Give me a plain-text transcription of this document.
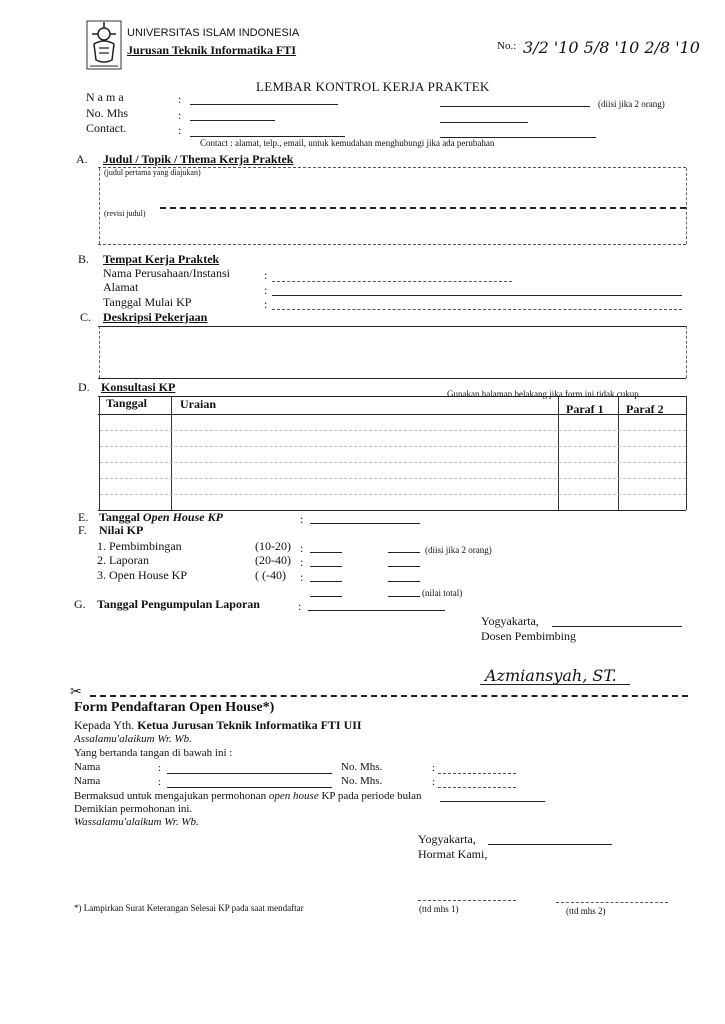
UNIVERSITAS ISLAM INDONESIA
Jurusan Teknik Informatika FTI	No.: 3/2 '10 5/8 '10 2/8 '10
LEMBAR KONTROL KERJA PRAKTEK
Nama	:	(diisi jika 2 orang)
No. Mhs	:
Contact.	:
Contact : alamat, telp., email, untuk kemudahan menghubungi jika ada perubahan
A. Judul / Topik / Thema Kerja Praktek
(judul pertama yang diajukan)
(revisi judul)
B. Tempat Kerja Praktek
Nama Perusahaan/Instansi	:
Alamat	:
Tanggal Mulai KP	:
C. Deskripsi Pekerjaan
D. Konsultasi KP	Gunakan halaman belakang jika form ini tidak cukup
Tanggal	Uraian	Paraf 1 Paraf 2
E. Tanggal Open House KP	:
F. Nilai KP
1. Pembimbingan	(10-20) :	(diisi jika 2 orang)
2. Laporan	(20-40) :
3. Open House KP	( (-40) :
(nilai total)
G. Tanggal Pengumpulan Laporan	:
Yogyakarta,
Dosen Pembimbing
Azmiansyah, ST.
✂
Form Pendaftaran Open House*)
Kepada Yth. Ketua Jurusan Teknik Informatika FTI UII
Assalamu'alaikum Wr. Wb.
Yang bertanda tangan di bawah ini :
Nama	:	No. Mhs.	:
Nama	:	No. Mhs.	:
Bermaksud untuk mengajukan permohonan open house KP pada periode bulan
Demikian permohonan ini.
Wassalamu'alaikum Wr. Wb.
Yogyakarta,
Hormat Kami,
*) Lampirkan Surat Keterangan Selesai KP pada saat mendaftar	(ttd mhs 1)	(ttd mhs 2)
